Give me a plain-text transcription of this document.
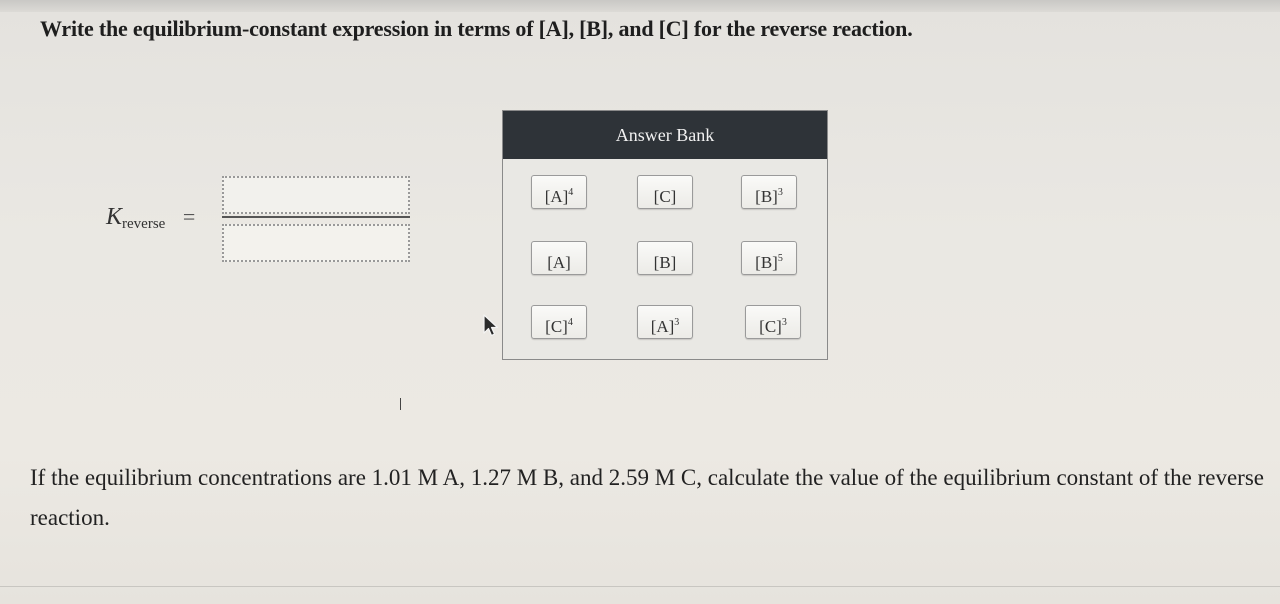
Write the equilibrium-constant expression in terms of [A], [B], and [C] for the reverse reaction.
$K_{reverse}$ =
Answer Bank
$[A]^4$	[C]	$[B]^3$
[A]	[B]	$[B]^5$
$[C]^4$	$[A]^3$	$[C]^3$
If the equilibrium concentrations are 1.01 M A, 1.27 M B, and 2.59 M C, calculate the value of the equilibrium constant of the reverse reaction.
